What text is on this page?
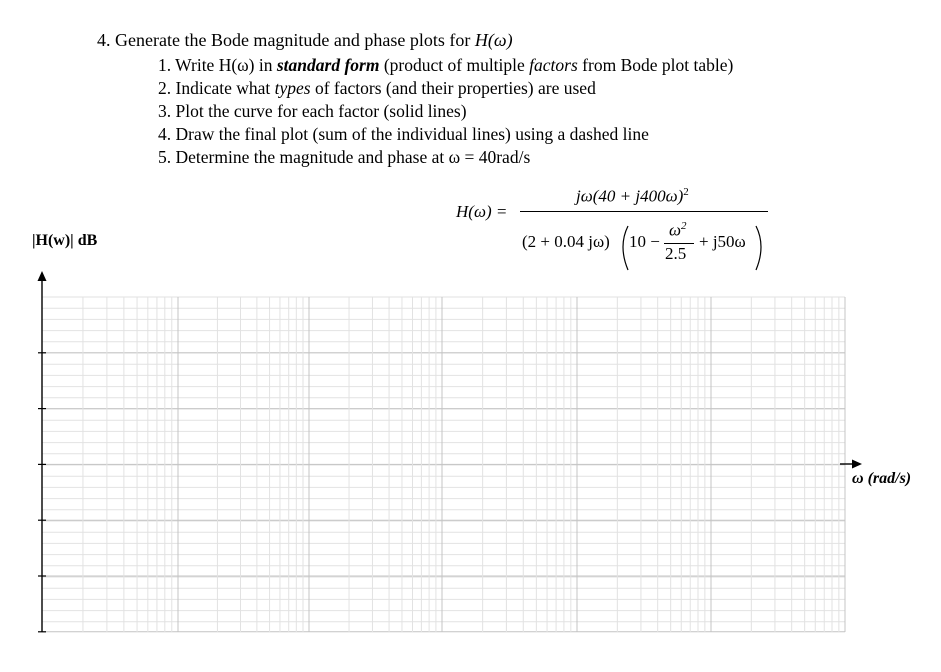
4. Generate the Bode magnitude and phase plots for H(ω)
1. Write H(ω) in standard form (product of multiple factors from Bode plot table)
2. Indicate what types of factors (and their properties) are used
3. Plot the curve for each factor (solid lines)
4. Draw the final plot (sum of the individual lines) using a dashed line
5. Determine the magnitude and phase at ω = 40rad/s
H(ω) =
$j\omega(40 + j400\omega)^2$
(2 + 0.04 jω) 10 −
$\omega^2$
2.5
+ j50ω
|H(w)| dB
ω (rad/s)
